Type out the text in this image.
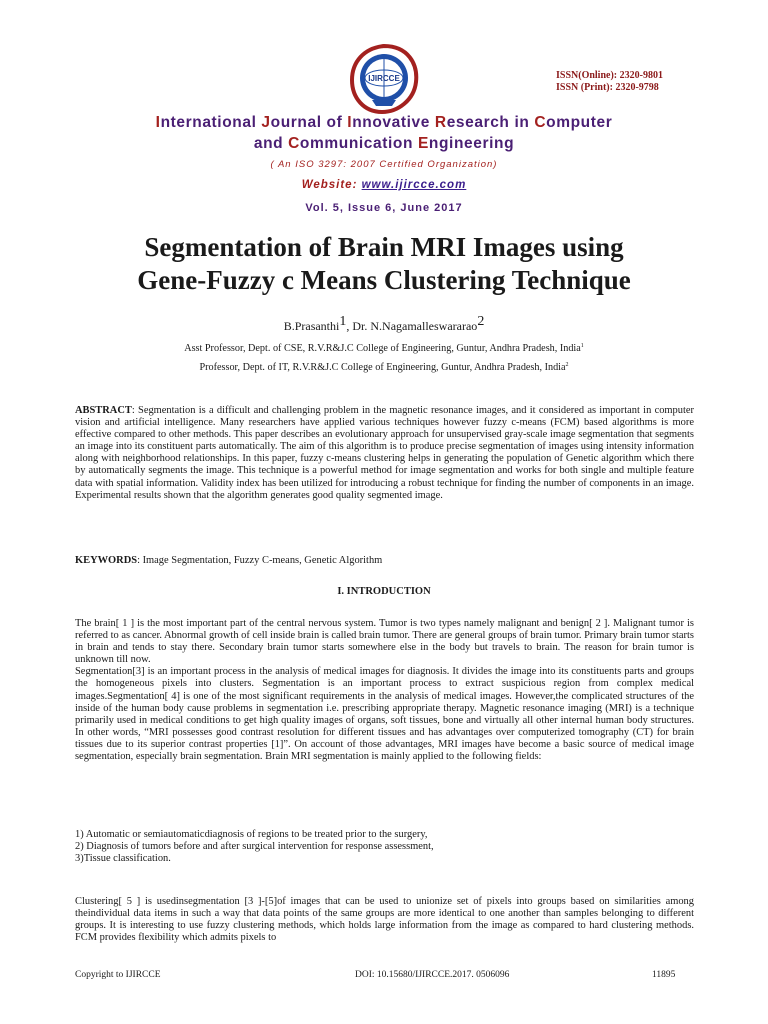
IJIRCCE	ISSN(Online): 2320-9801
ISSN (Print): 2320-9798
International Journal of Innovative Research in Computer
and Communication Engineering
( An ISO 3297: 2007 Certified Organization)
Website: www.ijircce.com
Vol. 5, Issue 6, June 2017
Segmentation of Brain MRI Images using
Gene-Fuzzy c Means Clustering Technique
B.Prasanthi$^1$, Dr. N.Nagamalleswararao$^2$
Asst Professor, Dept. of CSE, R.V.R&J.C College of Engineering, Guntur, Andhra Pradesh, India$^1$
Professor, Dept. of IT, R.V.R&J.C College of Engineering, Guntur, Andhra Pradesh, India$^2$
ABSTRACT: Segmentation is a difficult and challenging problem in the magnetic resonance images, and it considered as important in computer vision and artificial intelligence. Many researchers have applied various techniques however fuzzy c-means (FCM) based algorithms is more effective compared to other methods. This paper describes an evolutionary approach for unsupervised gray-scale image segmentation that segments an image into its constituent parts automatically. The aim of this algorithm is to produce precise segmentation of images using intensity information along with neighborhood relationships. In this paper, fuzzy c-means clustering helps in generating the population of Genetic algorithm which there by automatically segments the image. This technique is a powerful method for image segmentation and works for both single and multiple feature data with spatial information. Validity index has been utilized for introducing a robust technique for finding the number of components in an image. Experimental results shown that the algorithm generates good quality segmented image.
KEYWORDS: Image Segmentation, Fuzzy C-means, Genetic Algorithm
I. INTRODUCTION

The brain[ 1 ] is the most important part of the central nervous system. Tumor is two types namely malignant and benign[ 2 ]. Malignant tumor is referred to as cancer. Abnormal growth of cell inside brain is called brain tumor. There are general groups of brain tumor. Primary brain tumor starts in brain and tends to stay there. Secondary brain tumor starts somewhere else in the body but travels to brain. The reason for brain tumor is unknown till now.

Segmentation[3] is an important process in the analysis of medical images for diagnosis. It divides the image into its constituents parts and groups the homogeneous pixels into clusters. Segmentation is an important process to extract suspicious region from complex medical images.Segmentation[ 4] is one of the most significant requirements in the analysis of medical images. However,the complicated structures of the inside of the human body cause problems in segmentation i.e. prescribing appropriate therapy. Magnetic resonance imaging (MRI) is a technique primarily used in medical conditions to get high quality images of organs, soft tissues, bone and virtually all other internal human body structures. In other words, “MRI possesses good contrast resolution for different tissues and has advantages over computerized tomography (CT) for brain tissues due to its superior contrast properties [1]”. On account of those advantages, MRI images have become a basic source of medical image segmentation, especially brain segmentation. Brain MRI segmentation is mainly applied to the following fields:

1) Automatic or semiautomaticdiagnosis of regions to be treated prior to the surgery,
2) Diagnosis of tumors before and after surgical intervention for response assessment,
3)Tissue classification.
Clustering[ 5 ] is usedinsegmentation [3 ]-[5]of images that can be used to unionize set of pixels into groups based on similarities among theindividual data items in such a way that data points of the same groups are more identical to one another than samples belonging to different groups. It is interesting to use fuzzy clustering methods, which holds large information from the image as compared to hard clustering methods. FCM provides flexibility which admits pixels to
Copyright to IJIRCCE	DOI: 10.15680/IJIRCCE.2017. 0506096	11895
